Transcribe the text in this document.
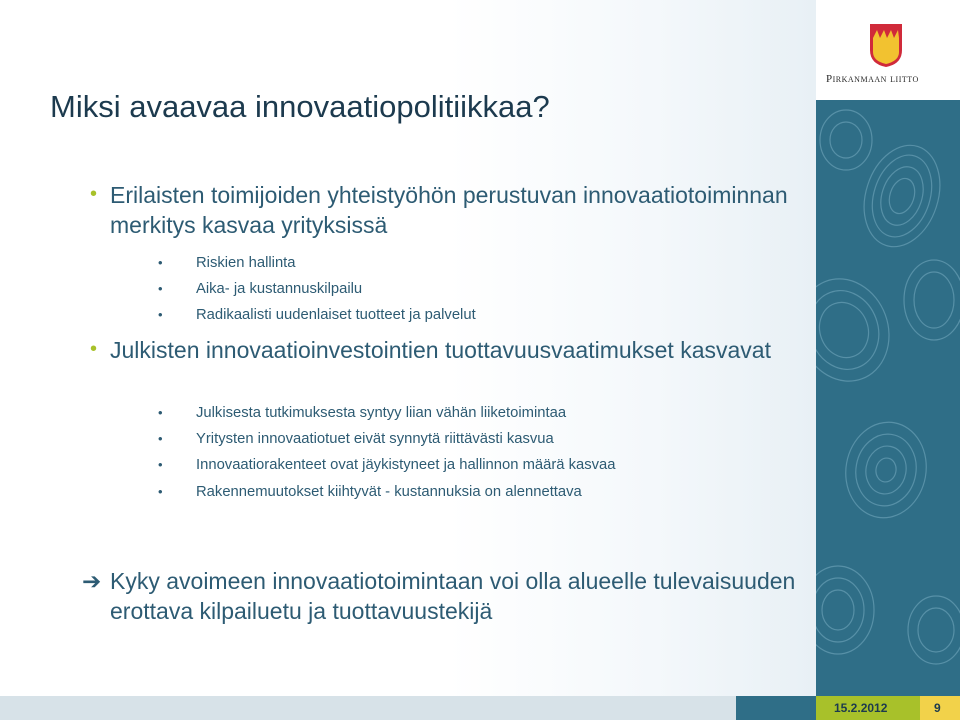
Miksi avaavaa innovaatiopolitiikkaa?
• Erilaisten toimijoiden yhteistyöhön perustuvan innovaatiotoiminnan merkitys kasvaa yrityksissä
• Riskien hallinta
• Aika- ja kustannuskilpailu
• Radikaalisti uudenlaiset tuotteet ja palvelut
• Julkisten innovaatioinvestointien tuottavuusvaatimukset kasvavat
• Julkisesta tutkimuksesta syntyy liian vähän liiketoimintaa
• Yritysten innovaatiotuet eivät synnytä riittävästi kasvua
• Innovaatiorakenteet ovat jäykistyneet ja hallinnon määrä kasvaa
• Rakennemuutokset kiihtyvät - kustannuksia on alennettava
➔ Kyky avoimeen innovaatiotoimintaan voi olla alueelle tulevaisuuden erottava kilpailuetu ja tuottavuustekijä
Pirkanmaan liitto
15.2.2012	9
